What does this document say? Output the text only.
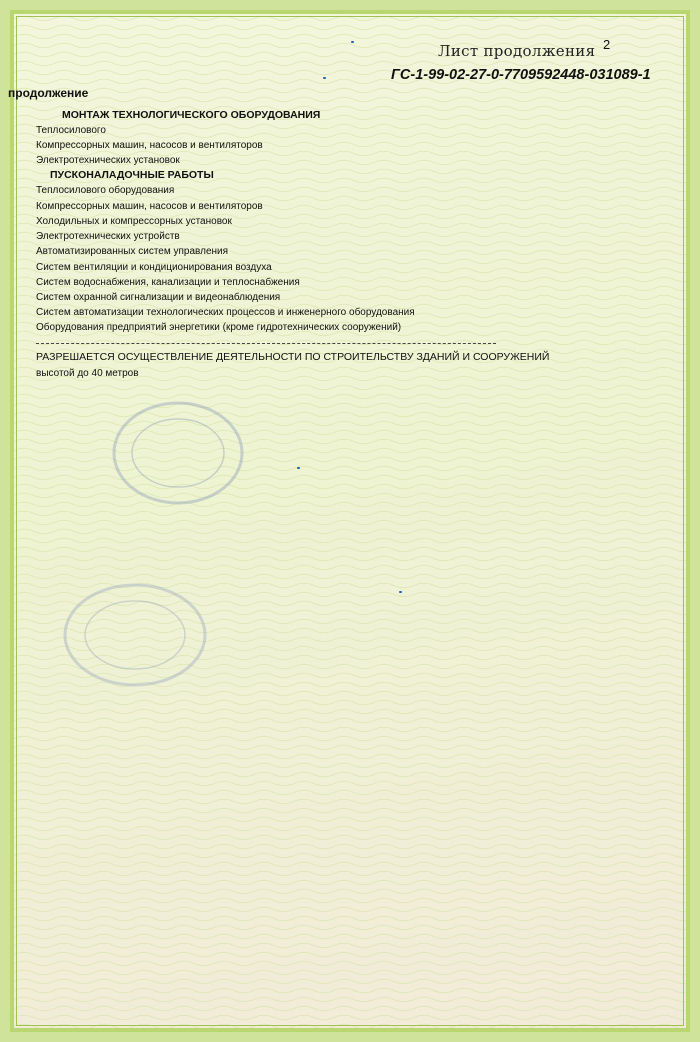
Лист продолжения 2
ГС-1-99-02-27-0-7709592448-031089-1
продолжение
МОНТАЖ ТЕХНОЛОГИЧЕСКОГО ОБОРУДОВАНИЯ
Теплосилового
Компрессорных машин, насосов и вентиляторов
Электротехнических установок
ПУСКОНАЛАДОЧНЫЕ РАБОТЫ
Теплосилового оборудования
Компрессорных машин, насосов и вентиляторов
Холодильных и компрессорных установок
Электротехнических устройств
Автоматизированных систем управления
Систем вентиляции и кондиционирования воздуха
Систем водоснабжения, канализации и теплоснабжения
Систем охранной сигнализации и видеонаблюдения
Систем автоматизации технологических процессов и инженерного оборудования
Оборудования предприятий энергетики (кроме гидротехнических сооружений)
РАЗРЕШАЕТСЯ ОСУЩЕСТВЛЕНИЕ ДЕЯТЕЛЬНОСТИ ПО СТРОИТЕЛЬСТВУ ЗДАНИЙ И СООРУЖЕНИЙ
высотой до 40 метров
